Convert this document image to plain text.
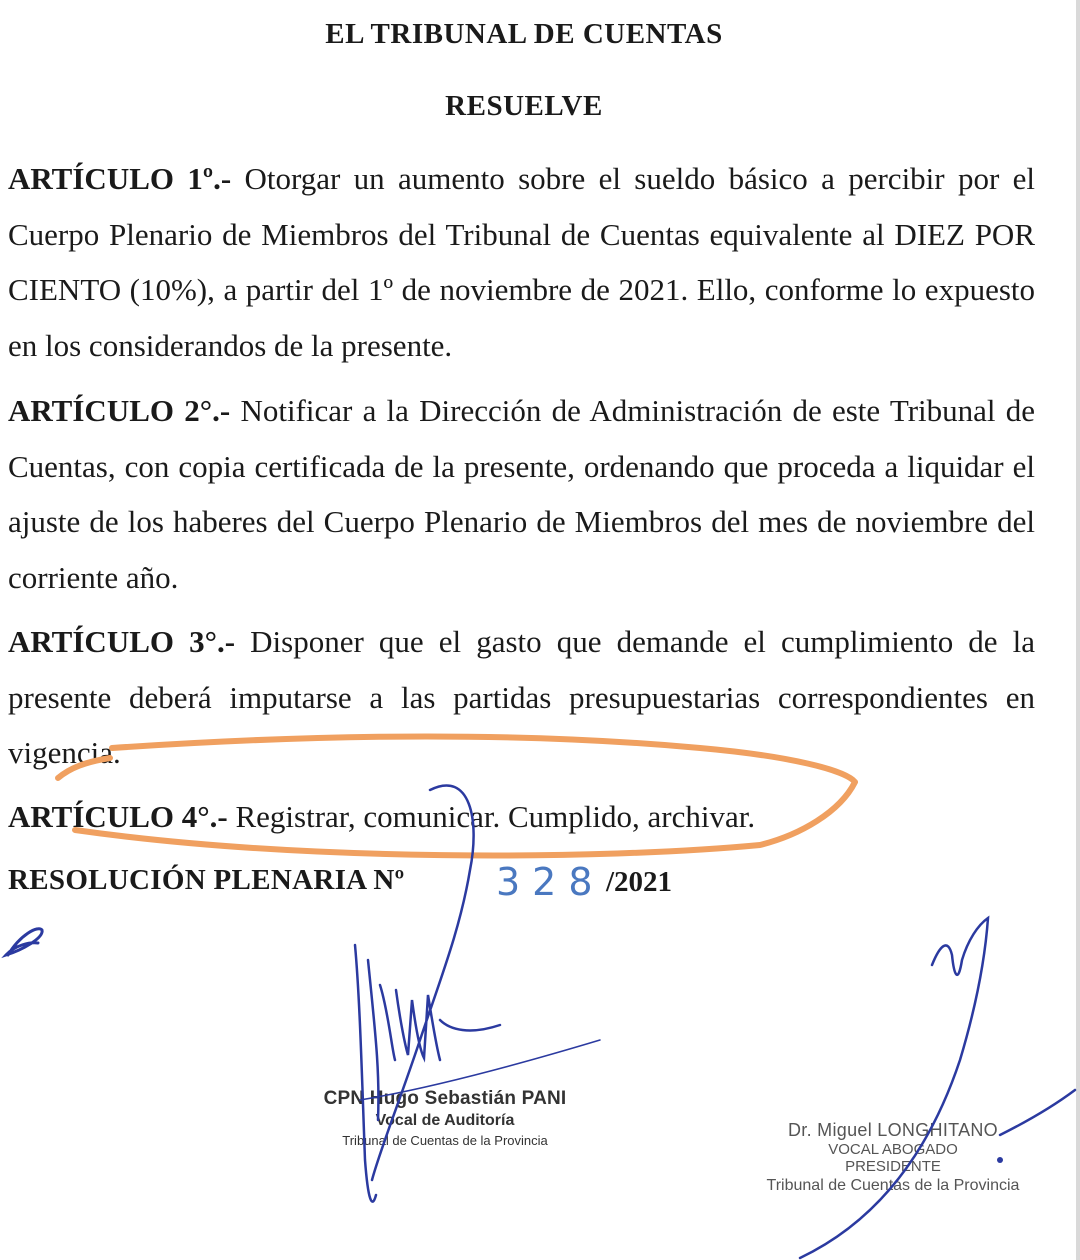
EL TRIBUNAL DE CUENTAS
RESUELVE

ARTÍCULO 1º.- Otorgar un aumento sobre el sueldo básico a percibir por el Cuerpo Plenario de Miembros del Tribunal de Cuentas equivalente al DIEZ POR CIENTO (10%), a partir del 1º de noviembre de 2021. Ello, conforme lo expuesto en los considerandos de la presente.

ARTÍCULO 2°.- Notificar a la Dirección de Administración de este Tribunal de Cuentas, con copia certificada de la presente, ordenando que proceda a liquidar el ajuste de los haberes del Cuerpo Plenario de Miembros del mes de noviembre del corriente año.

ARTÍCULO 3°.- Disponer que el gasto que demande el cumplimiento de la presente deberá imputarse a las partidas presupuestarias correspondientes en vigencia.

ARTÍCULO 4°.- Registrar, comunicar. Cumplido, archivar.

RESOLUCIÓN PLENARIA Nº 328 /2021
CPN Hugo Sebastián PANI
Vocal de Auditoría
Tribunal de Cuentas de la Provincia
Dr. Miguel LONGHITANO
VOCAL ABOGADO
PRESIDENTE
Tribunal de Cuentas de la Provincia
